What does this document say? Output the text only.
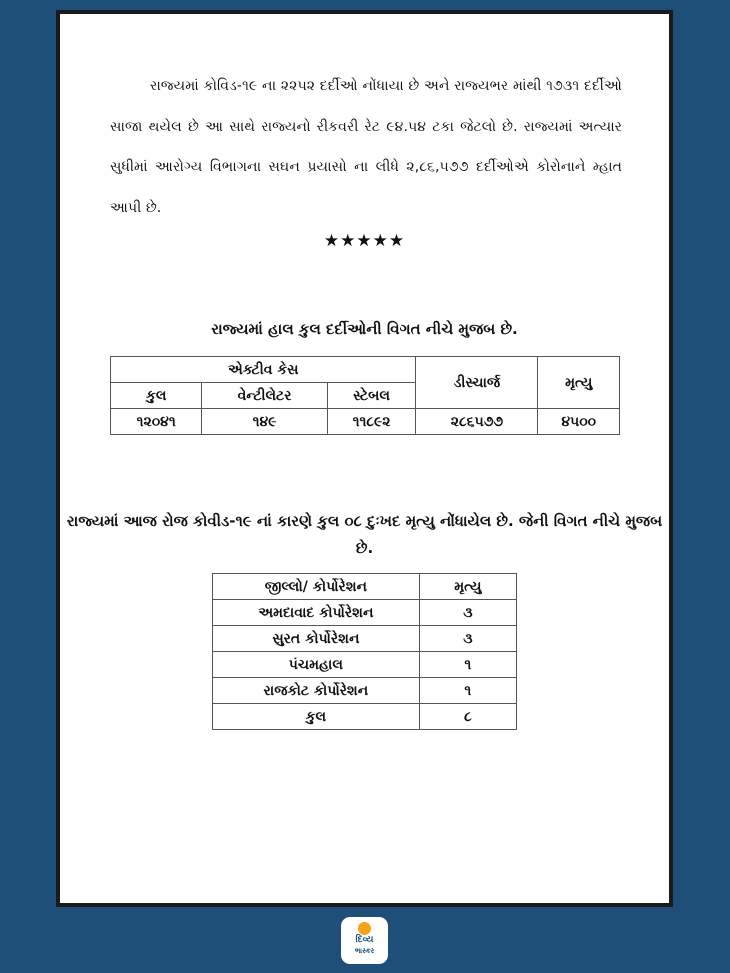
રાજ્યમાં કોવિડ-૧૯ ના ૨૨૫૨ દર્દીઓ નોંધાયા છે અને રાજ્યભર માંથી ૧૭૩૧ દર્દીઓ સાજા થયેલ છે આ સાથે રાજ્યનો રીકવરી રેટ ૯૪.૫૪ ટકા જેટલો છે. રાજ્યમાં અત્યાર સુધીમાં આરોગ્ય વિભાગના સઘન પ્રયાસો ના લીધે ૨,૮૬,૫૭૭ દર્દીઓએ કોરોનાને મ્હાત આપી છે.

★★★★★

રાજ્યમાં હાલ કુલ દર્દીઓની વિગત નીચે મુજબ છે.

એક્ટીવ કેસ			ડીસ્ચાર્જ	મૃત્યુ
કુલ	વેન્ટીલેટર	સ્ટેબલ		
૧૨૦૪૧	૧૪૯	૧૧૮૯૨	૨૮૬૫૭૭	૪૫૦૦

રાજ્યમાં આજ રોજ કોવીડ-૧૯ નાં કારણે કુલ ૦૮ દુઃખદ મૃત્યુ નોંધાયેલ છે. જેની વિગત નીચે મુજબ છે.

જીલ્લો/ કોર્પોરેશન	મૃત્યુ
અમદાવાદ કોર્પોરેશન	૩
સુરત કોર્પોરેશન	૩
પંચમહાલ	૧
રાજકોટ કોર્પોરેશન	૧
કુલ	૮
દિવ્ય
ભાસ્કર
